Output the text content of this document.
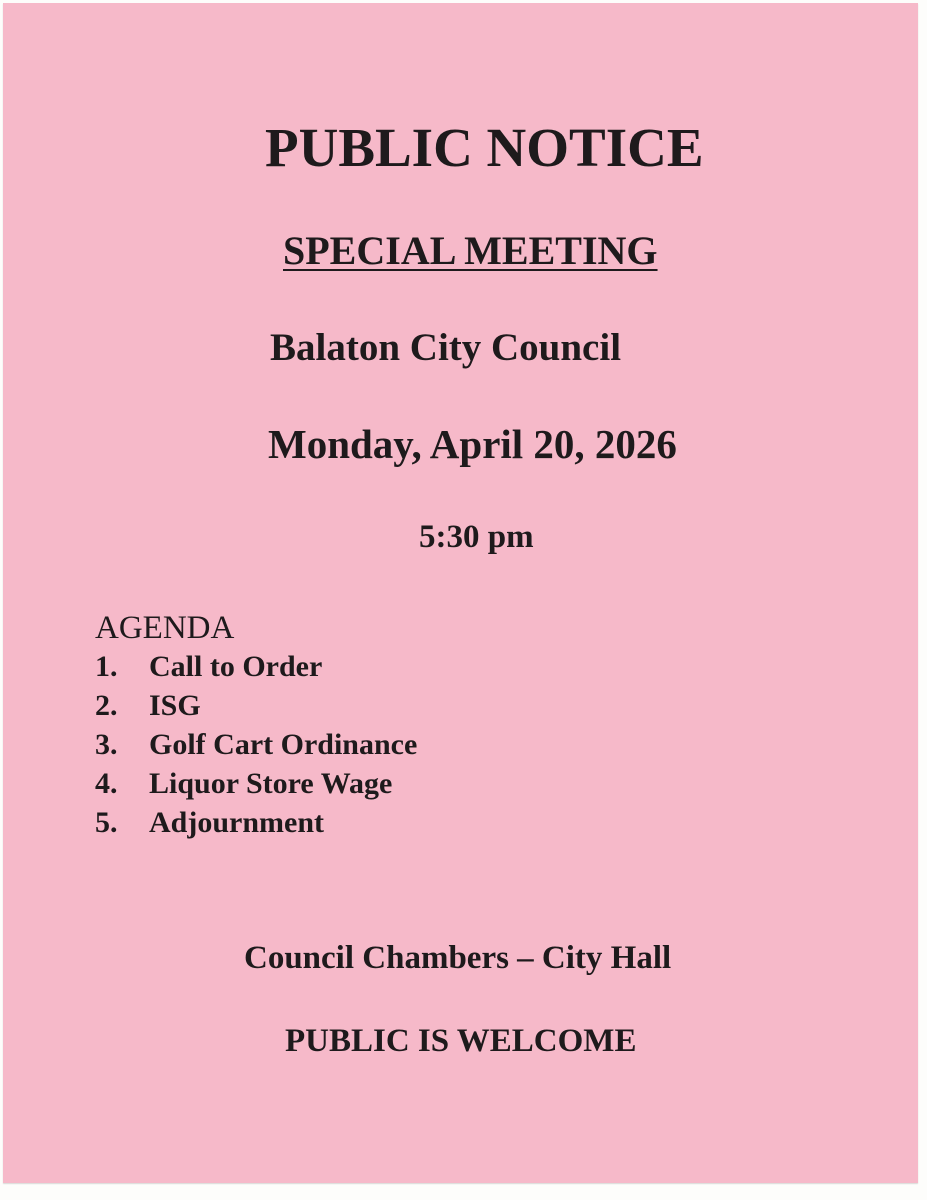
PUBLIC NOTICE
SPECIAL MEETING
Balaton City Council
Monday, April 20, 2026
5:30 pm
AGENDA
1.	Call to Order
2.	ISG
3.	Golf Cart Ordinance
4.	Liquor Store Wage
5.	Adjournment
Council Chambers – City Hall
PUBLIC IS WELCOME
